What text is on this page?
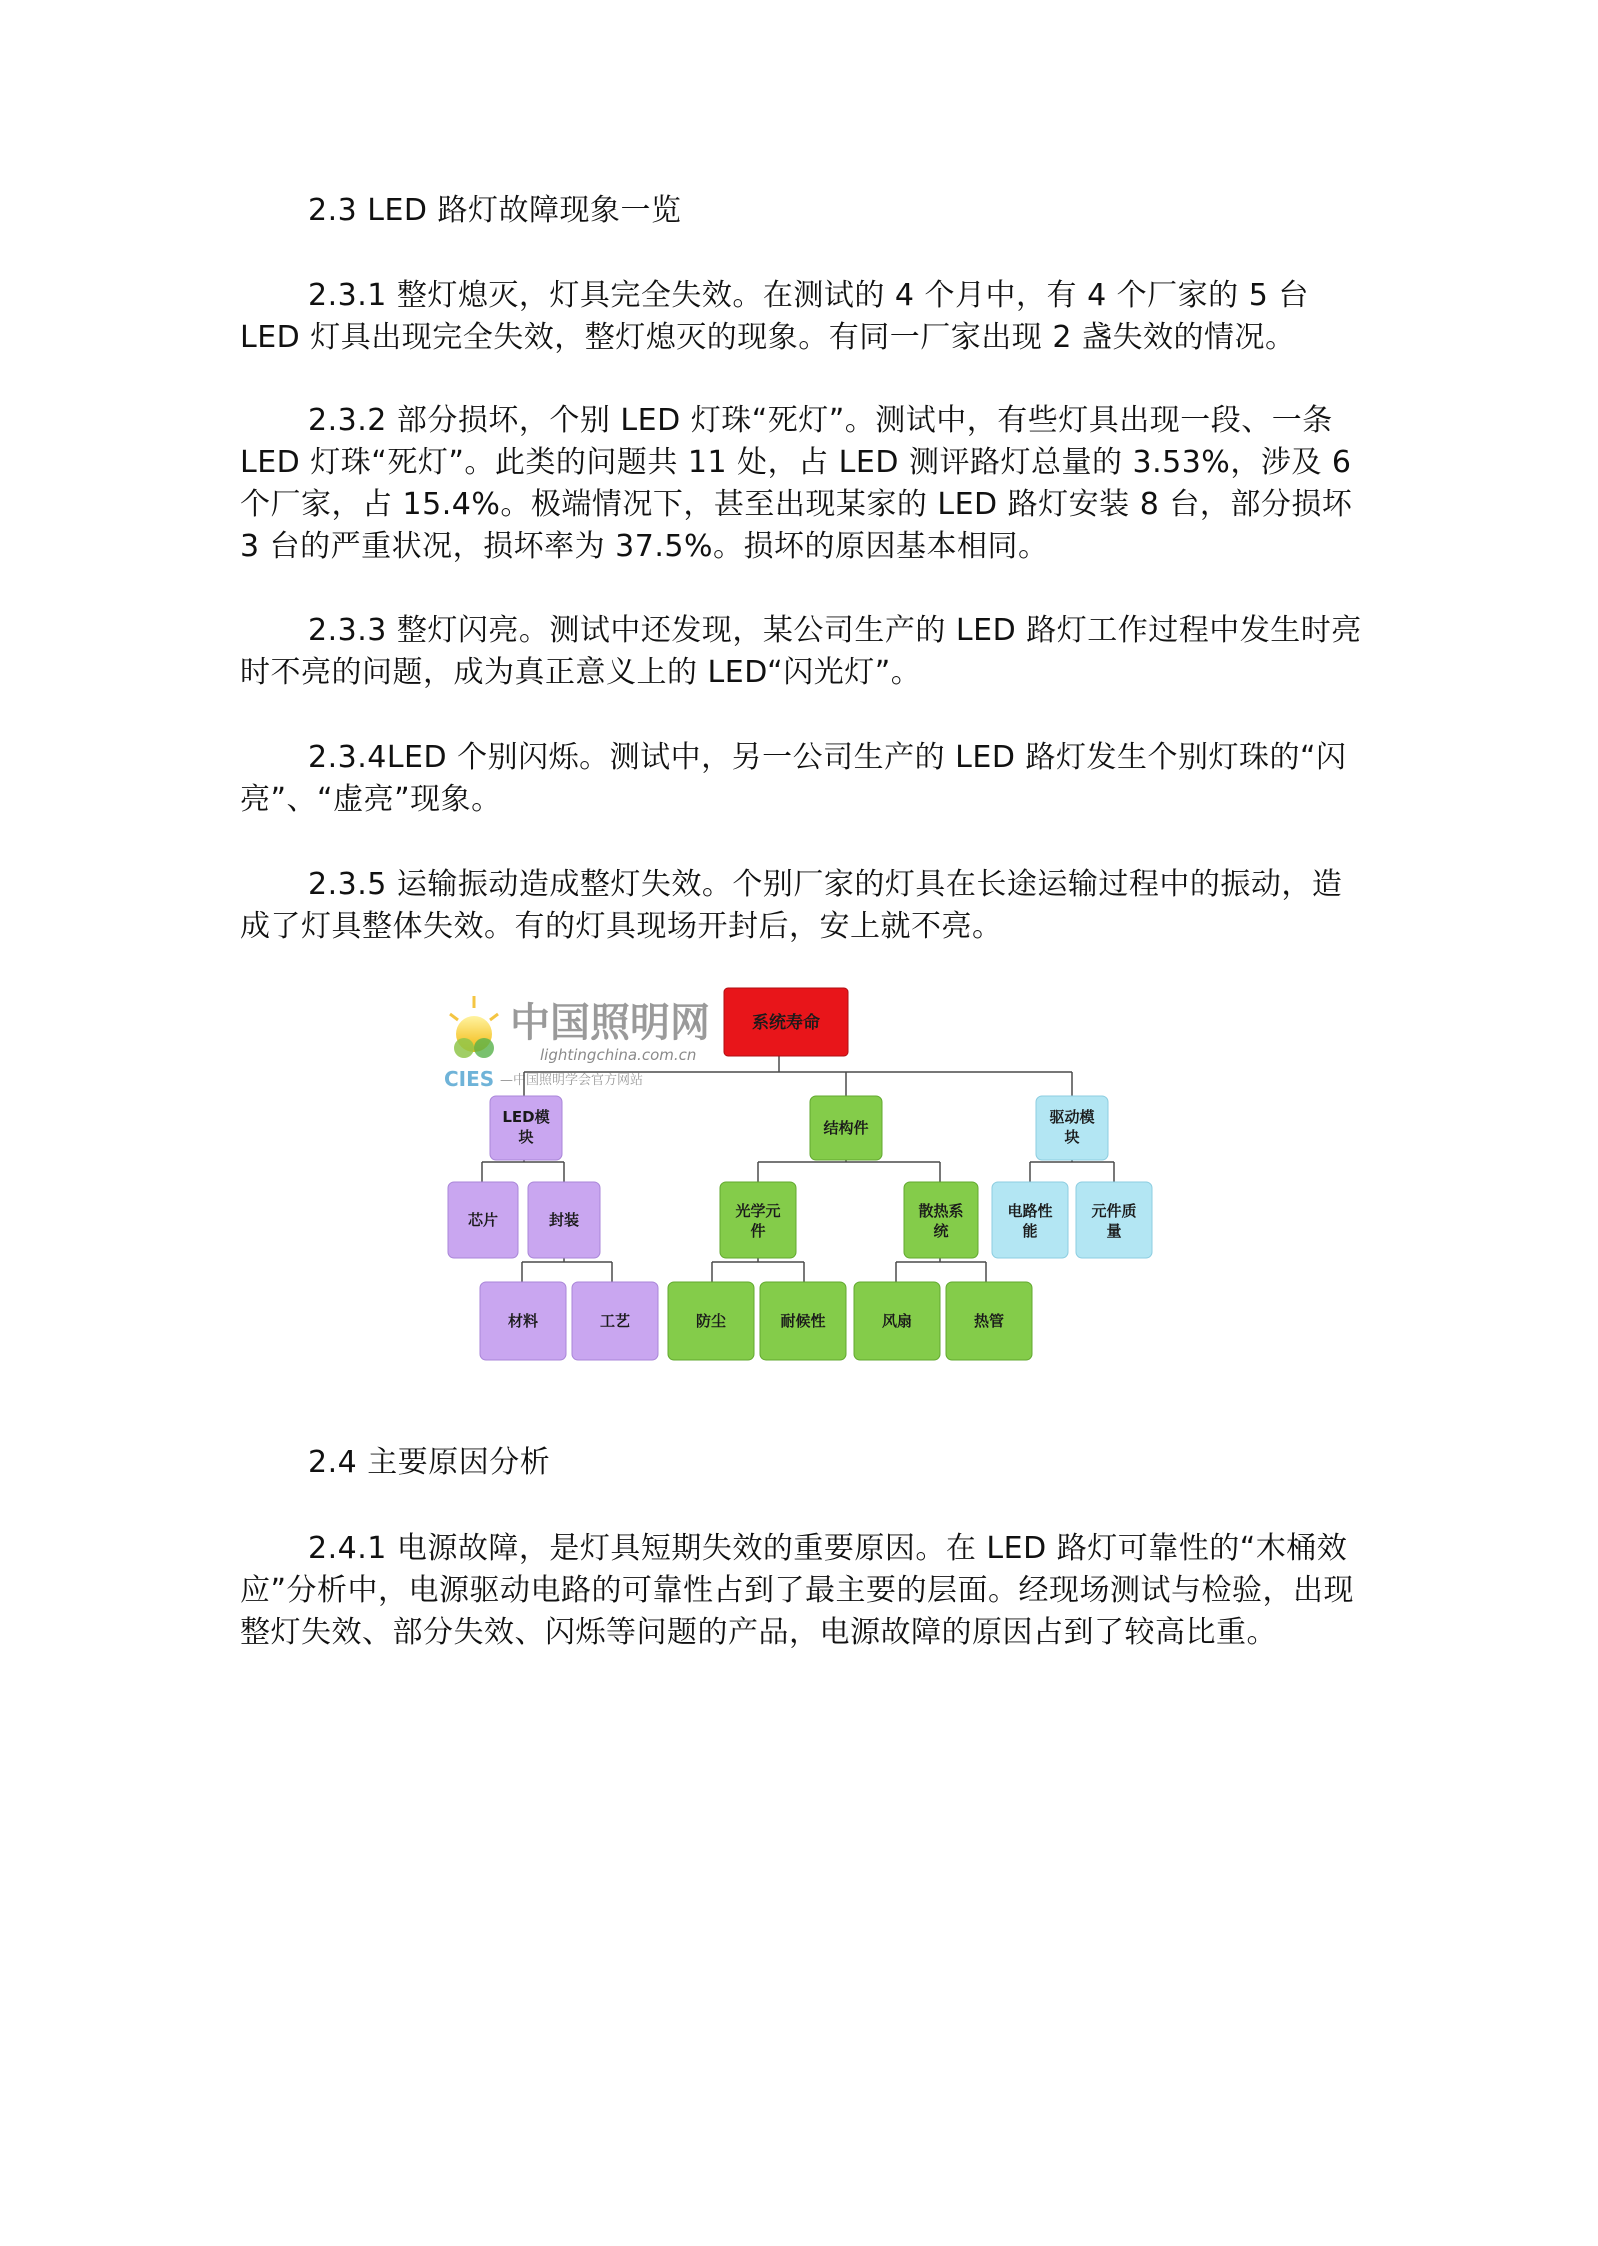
2.3 LED 路灯故障现象一览

2.3.1 整灯熄灭，灯具完全失效。在测试的 4 个月中，有 4 个厂家的 5 台 LED 灯具出现完全失效，整灯熄灭的现象。有同一厂家出现 2 盏失效的情况。

2.3.2 部分损坏，个别 LED 灯珠“死灯”。测试中，有些灯具出现一段、一条 LED 灯珠“死灯”。此类的问题共 11 处，占 LED 测评路灯总量的 3.53%，涉及 6 个厂家，占 15.4%。极端情况下，甚至出现某家的 LED 路灯安装 8 台，部分损坏 3 台的严重状况，损坏率为 37.5%。损坏的原因基本相同。

2.3.3 整灯闪亮。测试中还发现，某公司生产的 LED 路灯工作过程中发生时亮时不亮的问题，成为真正意义上的 LED“闪光灯”。

2.3.4LED 个别闪烁。测试中，另一公司生产的 LED 路灯发生个别灯珠的“闪亮”、“虚亮”现象。

2.3.5 运输振动造成整灯失效。个别厂家的灯具在长途运输过程中的振动，造成了灯具整体失效。有的灯具现场开封后，安上就不亮。

中国照明网
lightingchina.com.cn
CIES —中国照明学会官方网站
系统寿命
LED模
块	结构件
驱动模
块
芯片	封装	光学元
件
散热系
统
电路性
能
元件质
量
材料	工艺	防尘	耐候性	风扇	热管

2.4 主要原因分析

2.4.1 电源故障，是灯具短期失效的重要原因。在 LED 路灯可靠性的“木桶效应”分析中，电源驱动电路的可靠性占到了最主要的层面。经现场测试与检验，出现整灯失效、部分失效、闪烁等问题的产品，电源故障的原因占到了较高比重。
